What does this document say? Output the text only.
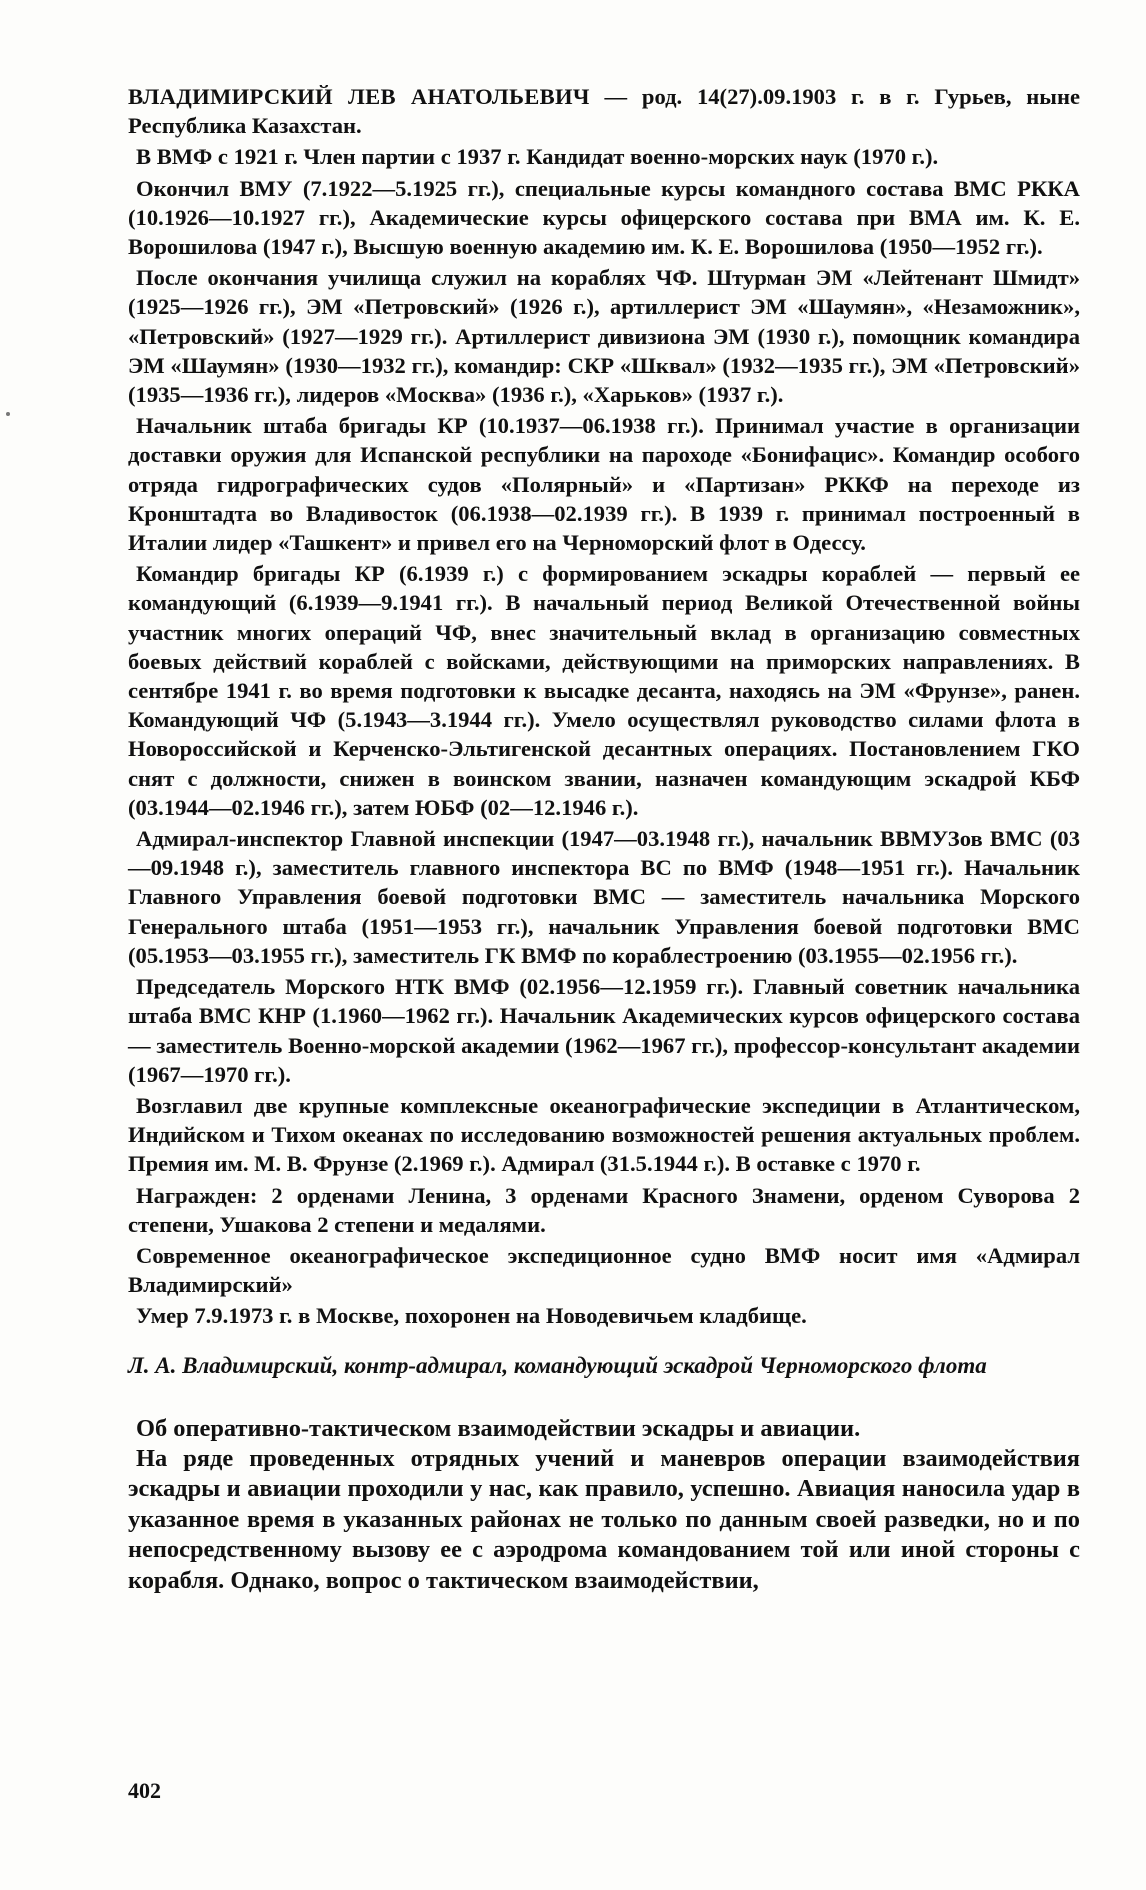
ВЛАДИМИРСКИЙ ЛЕВ АНАТОЛЬЕВИЧ — род. 14(27).09.1903 г. в г. Гурьев, ныне Республика Казахстан.

В ВМФ с 1921 г. Член партии с 1937 г. Кандидат военно-морских наук (1970 г.).

Окончил ВМУ (7.1922—5.1925 гг.), специальные курсы командного состава ВМС РККА (10.1926—10.1927 гг.), Академические курсы офицерского состава при ВМА им. К. Е. Ворошилова (1947 г.), Высшую военную академию им. К. Е. Ворошилова (1950—1952 гг.).

После окончания училища служил на кораблях ЧФ. Штурман ЭМ «Лейтенант Шмидт» (1925—1926 гг.), ЭМ «Петровский» (1926 г.), артиллерист ЭМ «Шаумян», «Незаможник», «Петровский» (1927—1929 гг.). Артиллерист дивизиона ЭМ (1930 г.), помощник командира ЭМ «Шаумян» (1930—1932 гг.), командир: СКР «Шквал» (1932—1935 гг.), ЭМ «Петровский» (1935—1936 гг.), лидеров «Москва» (1936 г.), «Харьков» (1937 г.).

Начальник штаба бригады КР (10.1937—06.1938 гг.). Принимал участие в организации доставки оружия для Испанской республики на пароходе «Бонифацис». Командир особого отряда гидрографических судов «Полярный» и «Партизан» РККФ на переходе из Кронштадта во Владивосток (06.1938—02.1939 гг.). В 1939 г. принимал построенный в Италии лидер «Ташкент» и привел его на Черноморский флот в Одессу.

Командир бригады КР (6.1939 г.) с формированием эскадры кораблей — первый ее командующий (6.1939—9.1941 гг.). В начальный период Великой Отечественной войны участник многих операций ЧФ, внес значительный вклад в организацию совместных боевых действий кораблей с войсками, действующими на приморских направлениях. В сентябре 1941 г. во время подготовки к высадке десанта, находясь на ЭМ «Фрунзе», ранен. Командующий ЧФ (5.1943—3.1944 гг.). Умело осуществлял руководство силами флота в Новороссийской и Керченско-Эльтигенской десантных операциях. Постановлением ГКО снят с должности, снижен в воинском звании, назначен командующим эскадрой КБФ (03.1944—02.1946 гг.), затем ЮБФ (02—12.1946 г.).

Адмирал-инспектор Главной инспекции (1947—03.1948 гг.), начальник ВВМУЗов ВМС (03—09.1948 г.), заместитель главного инспектора ВС по ВМФ (1948—1951 гг.). Начальник Главного Управления боевой подготовки ВМС — заместитель начальника Морского Генерального штаба (1951—1953 гг.), начальник Управления боевой подготовки ВМС (05.1953—03.1955 гг.), заместитель ГК ВМФ по кораблестроению (03.1955—02.1956 гг.).

Председатель Морского НТК ВМФ (02.1956—12.1959 гг.). Главный советник начальника штаба ВМС КНР (1.1960—1962 гг.). Начальник Академических курсов офицерского состава — заместитель Военно-морской академии (1962—1967 гг.), профессор-консультант академии (1967—1970 гг.).

Возглавил две крупные комплексные океанографические экспедиции в Атлантическом, Индийском и Тихом океанах по исследованию возможностей решения актуальных проблем. Премия им. М. В. Фрунзе (2.1969 г.). Адмирал (31.5.1944 г.). В оставке с 1970 г.

Награжден: 2 орденами Ленина, 3 орденами Красного Знамени, орденом Суворова 2 степени, Ушакова 2 степени и медалями.

Современное океанографическое экспедиционное судно ВМФ носит имя «Адмирал Владимирский»

Умер 7.9.1973 г. в Москве, похоронен на Новодевичьем кладбище.

Л. А. Владимирский, контр-адмирал, командующий эскадрой Черноморского флота

Об оперативно-тактическом взаимодействии эскадры и авиации.

На ряде проведенных отрядных учений и маневров операции взаимодействия эскадры и авиации проходили у нас, как правило, успешно. Авиация наносила удар в указанное время в указанных районах не только по данным своей разведки, но и по непосредственному вызову ее с аэродрома командованием той или иной стороны с корабля. Однако, вопрос о тактическом взаимодействии,

402
